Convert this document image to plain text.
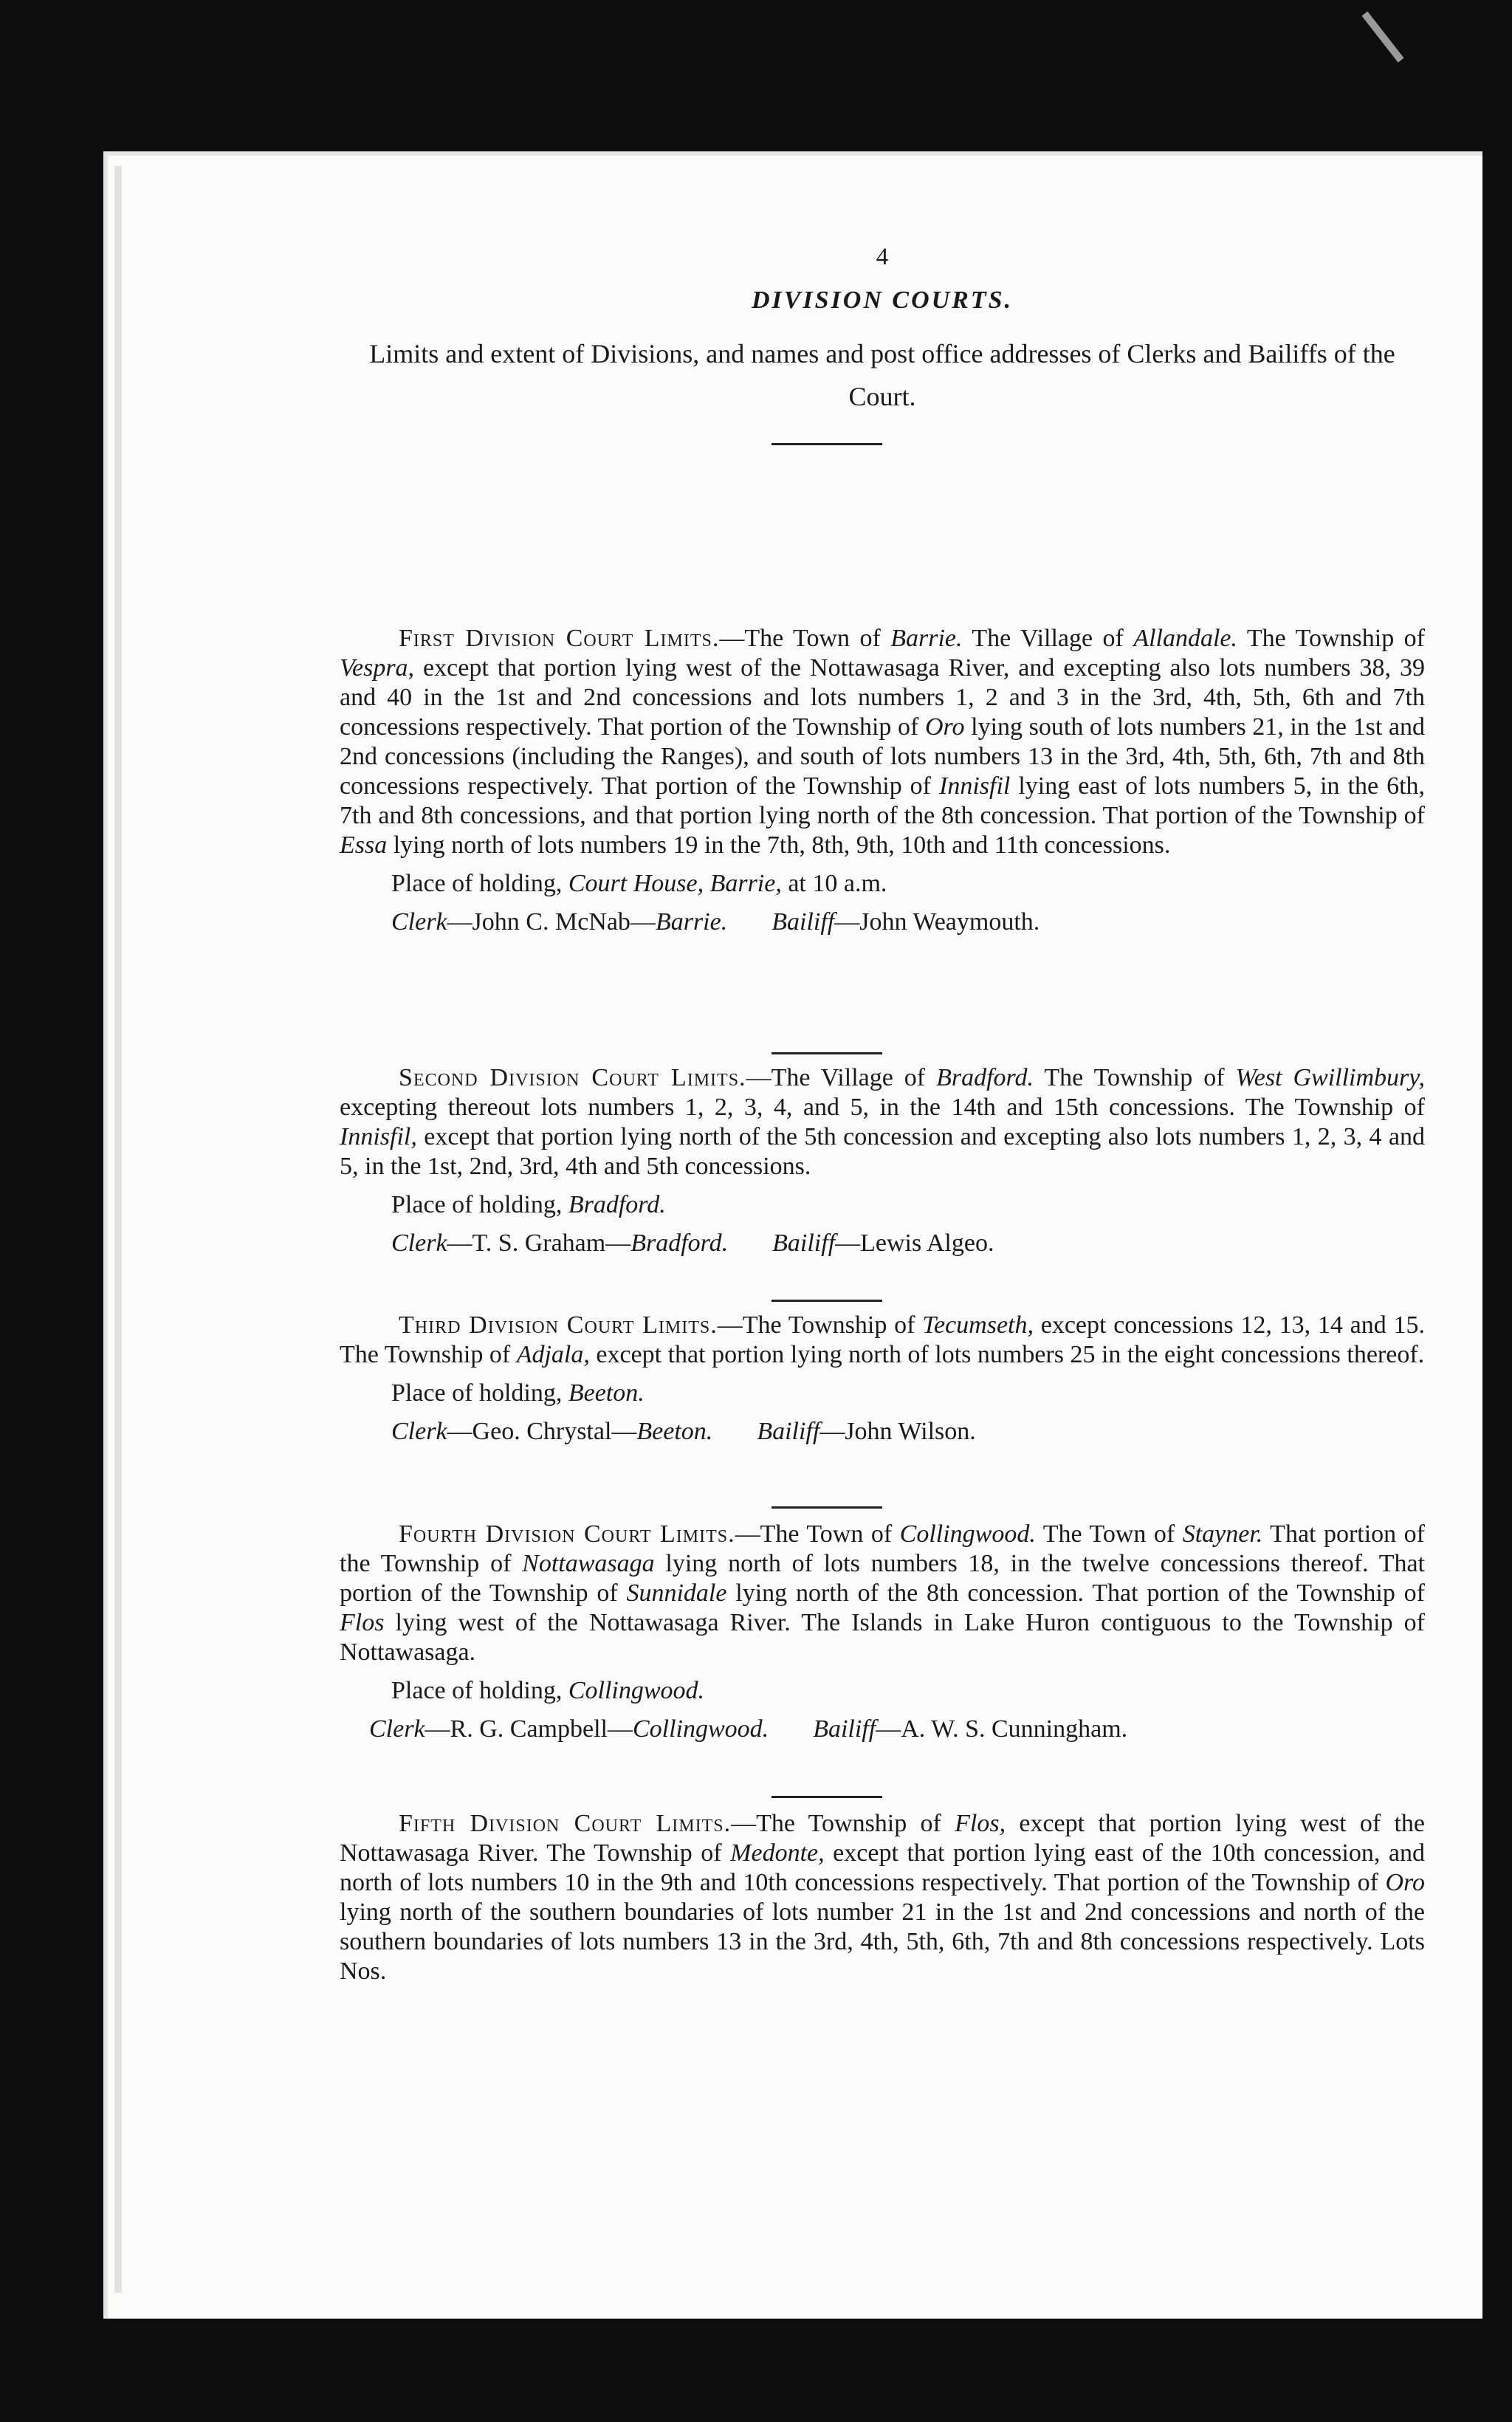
4
DIVISION COURTS.
Limits and extent of Divisions, and names and post office addresses of Clerks and Bailiffs of the Court.

First Division Court Limits.—The Town of Barrie. The Village of Allandale. The Township of Vespra, except that portion lying west of the Nottawasaga River, and excepting also lots numbers 38, 39 and 40 in the 1st and 2nd concessions and lots numbers 1, 2 and 3 in the 3rd, 4th, 5th, 6th and 7th concessions respectively. That portion of the Township of Oro lying south of lots numbers 21, in the 1st and 2nd concessions (including the Ranges), and south of lots numbers 13 in the 3rd, 4th, 5th, 6th, 7th and 8th concessions respectively. That portion of the Township of Innisfil lying east of lots numbers 5, in the 6th, 7th and 8th concessions, and that portion lying north of the 8th concession. That portion of the Township of Essa lying north of lots numbers 19 in the 7th, 8th, 9th, 10th and 11th concessions.

Place of holding, Court House, Barrie, at 10 a.m.

Clerk—John C. McNab—Barrie. Bailiff—John Weaymouth.

Second Division Court Limits.—The Village of Bradford. The Township of West Gwillimbury, excepting thereout lots numbers 1, 2, 3, 4, and 5, in the 14th and 15th concessions. The Township of Innisfil, except that portion lying north of the 5th concession and excepting also lots numbers 1, 2, 3, 4 and 5, in the 1st, 2nd, 3rd, 4th and 5th concessions.

Place of holding, Bradford.

Clerk—T. S. Graham—Bradford. Bailiff—Lewis Algeo.

Third Division Court Limits.—The Township of Tecumseth, except concessions 12, 13, 14 and 15. The Township of Adjala, except that portion lying north of lots numbers 25 in the eight concessions thereof.

Place of holding, Beeton.

Clerk—Geo. Chrystal—Beeton. Bailiff—John Wilson.

Fourth Division Court Limits.—The Town of Collingwood. The Town of Stayner. That portion of the Township of Nottawasaga lying north of lots numbers 18, in the twelve concessions thereof. That portion of the Township of Sunnidale lying north of the 8th concession. That portion of the Township of Flos lying west of the Nottawasaga River. The Islands in Lake Huron contiguous to the Township of Nottawasaga.

Place of holding, Collingwood.

Clerk—R. G. Campbell—Collingwood. Bailiff—A. W. S. Cunningham.

Fifth Division Court Limits.—The Township of Flos, except that portion lying west of the Nottawasaga River. The Township of Medonte, except that portion lying east of the 10th concession, and north of lots numbers 10 in the 9th and 10th concessions respectively. That portion of the Township of Oro lying north of the southern boundaries of lots number 21 in the 1st and 2nd concessions and north of the southern boundaries of lots numbers 13 in the 3rd, 4th, 5th, 6th, 7th and 8th concessions respectively. Lots Nos.
